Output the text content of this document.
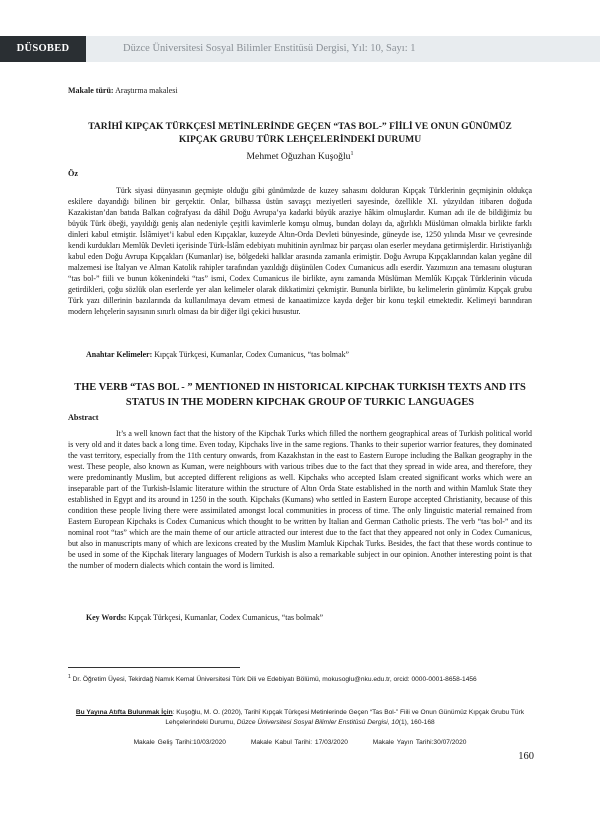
DÜSOBED	Düzce Üniversitesi Sosyal Bilimler Enstitüsü Dergisi, Yıl: 10, Sayı: 1
Makale türü: Araştırma makalesi
TARİHÎ KIPÇAK TÜRKÇESİ METİNLERİNDE GEÇEN “TAS BOL-” FİİLİ VE ONUN GÜNÜMÜZ KIPÇAK GRUBU TÜRK LEHÇELERİNDEKİ DURUMU
Mehmet Oğuzhan Kuşoğlu$^1$
Öz

Türk siyasi dünyasının geçmişte olduğu gibi günümüzde de kuzey sahasını dolduran Kıpçak Türklerinin geçmişinin oldukça eskilere dayandığı bilinen bir gerçektir. Onlar, bilhassa üstün savaşçı meziyetleri sayesinde, özellikle XI. yüzyıldan itibaren doğuda Kazakistan’dan batıda Balkan coğrafyası da dâhil Doğu Avrupa’ya kadarki büyük araziye hâkim olmuşlardır. Kuman adı ile de bildiğimiz bu büyük Türk öbeği, yayıldığı geniş alan nedeniyle çeşitli kavimlerle komşu olmuş, bundan dolayı da, ağırlıklı Müslüman olmakla birlikte farklı dinleri kabul etmiştir. İslâmiyet’i kabul eden Kıpçaklar, kuzeyde Altın-Orda Devleti bünyesinde, güneyde ise, 1250 yılında Mısır ve çevresinde kendi kurdukları Memlûk Devleti içerisinde Türk-İslâm edebiyatı muhitinin ayrılmaz bir parçası olan eserler meydana getirmişlerdir. Hıristiyanlığı kabul eden Doğu Avrupa Kıpçakları (Kumanlar) ise, bölgedeki halklar arasında zamanla erimiştir. Doğu Avrupa Kıpçaklarından kalan yegâne dil malzemesi ise İtalyan ve Alman Katolik rahipler tarafından yazıldığı düşünülen Codex Cumanicus adlı eserdir. Yazımızın ana temasını oluşturan “tas bol-” fiili ve bunun kökenindeki “tas” ismi, Codex Cumanicus ile birlikte, aynı zamanda Müslüman Memlûk Kıpçak Türklerinin vücuda getirdikleri, çoğu sözlük olan eserlerde yer alan kelimeler olarak dikkatimizi çekmiştir. Bununla birlikte, bu kelimelerin günümüz Kıpçak grubu Türk yazı dillerinin bazılarında da kullanılmaya devam etmesi de kanaatimizce kayda değer bir konu teşkil etmektedir. Kelimeyi barındıran modern lehçelerin sayısının sınırlı olması da bir diğer ilgi çekici husustur.

Anahtar Kelimeler: Kıpçak Türkçesi, Kumanlar, Codex Cumanicus, “tas bolmak”
THE VERB “TAS BOL - ” MENTIONED IN HISTORICAL KIPCHAK TURKISH TEXTS AND ITS STATUS IN THE MODERN KIPCHAK GROUP OF TURKIC LANGUAGES
Abstract

It’s a well known fact that the history of the Kipchak Turks which filled the northern geographical areas of Turkish political world is very old and it dates back a long time. Even today, Kipchaks live in the same regions. Thanks to their superior warrior features, they dominated the vast territory, especially from the 11th century onwards, from Kazakhstan in the east to Eastern Europe including the Balkan geography in the west. These people, also known as Kuman, were neighbours with various tribes due to the fact that they spread in wide area, and therefore, they were predominantly Muslim, but accepted different religions as well. Kipchaks who accepted Islam created significant works which were an inseparable part of the Turkish-Islamic literature within the structure of Altın Orda State established in the north and within Mamluk State they established in Egypt and its around in 1250 in the south. Kipchaks (Kumans) who settled in Eastern Europe accepted Christianity, because of this condition these people living there were assimilated amongst local communities in process of time. The only linguistic material remained from Eastern European Kipchaks is Codex Cumanicus which thought to be written by Italian and German Catholic priests. The verb “tas bol-” and its nominal root “tas” which are the main theme of our article attracted our interest due to the fact that they appeared not only in Codex Cumanicus, but also in manuscripts many of which are lexicons created by the Muslim Mamluk Kipchak Turks. Besides, the fact that these words continue to be used in some of the Kipchak literary languages of Modern Turkish is also a remarkable subject in our opinion. Another interesting point is that the number of modern dialects which contain the word is limited.

Key Words: Kıpçak Türkçesi, Kumanlar, Codex Cumanicus, “tas bolmak”
$^1$ Dr. Öğretim Üyesi, Tekirdağ Namık Kemal Üniversitesi Türk Dili ve Edebiyatı Bölümü, mokusoglu@nku.edu.tr, orcid: 0000-0001-8658-1456
Bu Yayına Atıfta Bulunmak İçin: Kuşoğlu, M. O. (2020), Tarihî Kıpçak Türkçesi Metinlerinde Geçen “Tas Bol-” Fiili ve Onun Günümüz Kıpçak Grubu Türk Lehçelerindeki Durumu, Düzce Üniversitesi Sosyal Bilimler Enstitüsü Dergisi, 10(1), 160-168
Makale Geliş Tarihi:10/03/2020	Makale Kabul Tarihi: 17/03/2020	Makale Yayın Tarihi:30/07/2020
160
